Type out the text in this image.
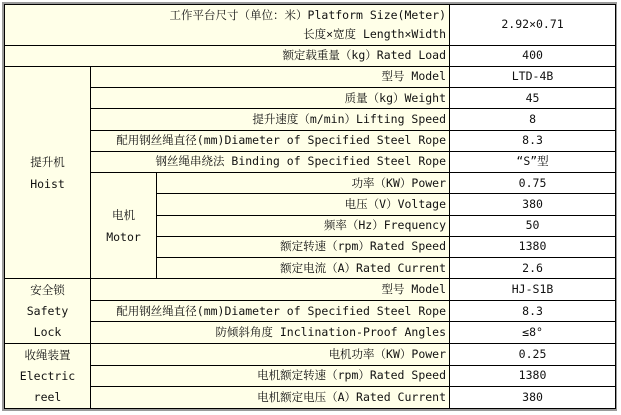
工作平台尺寸（单位：米）Platform Size(Meter)
长度×宽度 Length×Width			2.92×0.71
额定载重量（kg）Rated Load			400

提升机
Hoist	型号 Model		LTD-4B
	质量（kg）Weight		45
	提升速度（m/min）Lifting Speed		8
	配用钢丝绳直径(mm)Diameter of Specified Steel Rope		8.3
	钢丝绳串绕法 Binding of Specified Steel Rope		“S”型

	电机
Motor	功率（KW）Power	0.75
		电压（V）Voltage	380
		频率（Hz）Frequency	50
		额定转速（rpm）Rated Speed	1380
		额定电流（A）Rated Current	2.6

安全锁
Safety
Lock	型号 Model		HJ-S1B
	配用钢丝绳直径(mm)Diameter of Specified Steel Rope		8.3
	防倾斜角度 Inclination-Proof Angles		≤8°

收绳装置
Electric
reel	电机功率（KW）Power		0.25
	电机额定转速（rpm）Rated Speed		1380
	电机额定电压（A）Rated Current		380
